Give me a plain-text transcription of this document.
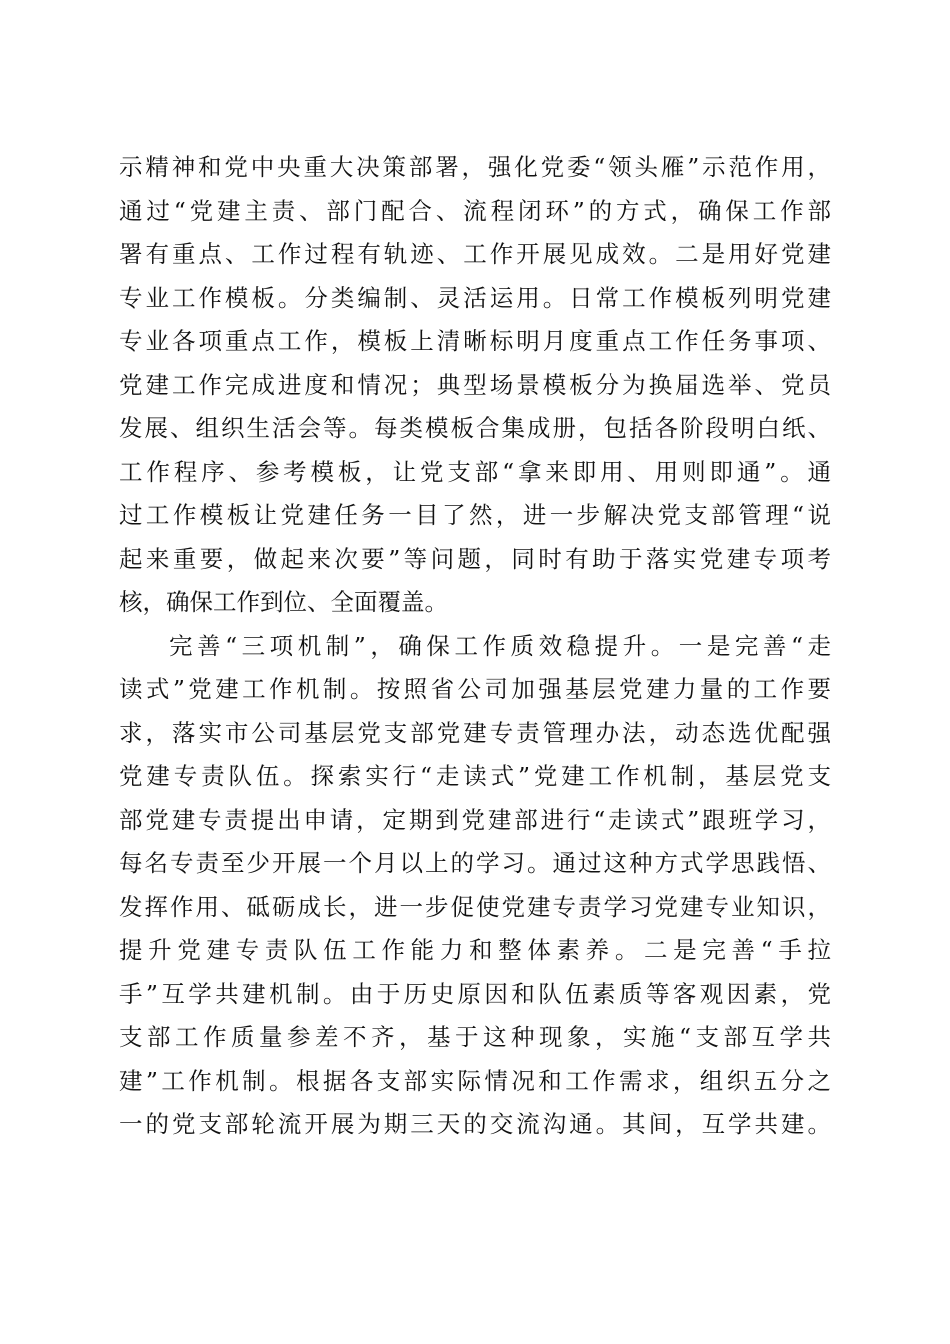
示精神和党中央重大决策部署，强化党委“领头雁”示范作用，
通过“党建主责、部门配合、流程闭环”的方式，确保工作部
署有重点、工作过程有轨迹、工作开展见成效。二是用好党建
专业工作模板。分类编制、灵活运用。日常工作模板列明党建
专业各项重点工作，模板上清晰标明月度重点工作任务事项、
党建工作完成进度和情况；典型场景模板分为换届选举、党员
发展、组织生活会等。每类模板合集成册，包括各阶段明白纸、
工作程序、参考模板，让党支部“拿来即用、用则即通”。通
过工作模板让党建任务一目了然，进一步解决党支部管理“说
起来重要，做起来次要”等问题，同时有助于落实党建专项考
核，确保工作到位、全面覆盖。
完善“三项机制”，确保工作质效稳提升。一是完善“走
读式”党建工作机制。按照省公司加强基层党建力量的工作要
求，落实市公司基层党支部党建专责管理办法，动态选优配强
党建专责队伍。探索实行“走读式”党建工作机制，基层党支
部党建专责提出申请，定期到党建部进行“走读式”跟班学习，
每名专责至少开展一个月以上的学习。通过这种方式学思践悟、
发挥作用、砥砺成长，进一步促使党建专责学习党建专业知识，
提升党建专责队伍工作能力和整体素养。二是完善“手拉
手”互学共建机制。由于历史原因和队伍素质等客观因素，党
支部工作质量参差不齐，基于这种现象，实施“支部互学共
建”工作机制。根据各支部实际情况和工作需求，组织五分之
一的党支部轮流开展为期三天的交流沟通。其间，互学共建。
